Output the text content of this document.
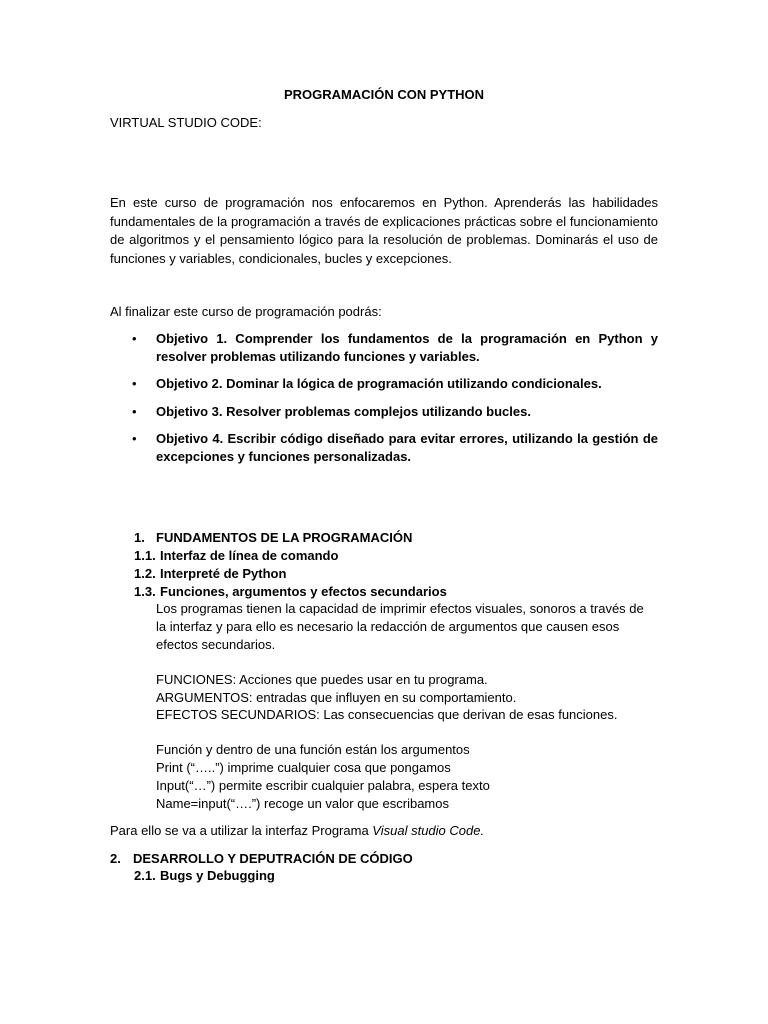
PROGRAMACIÓN CON PYTHON
VIRTUAL STUDIO CODE:
En este curso de programación nos enfocaremos en Python. Aprenderás las habilidades fundamentales de la programación a través de explicaciones prácticas sobre el funcionamiento de algoritmos y el pensamiento lógico para la resolución de problemas. Dominarás el uso de funciones y variables, condicionales, bucles y excepciones.
Al finalizar este curso de programación podrás:
• Objetivo 1. Comprender los fundamentos de la programación en Python y resolver problemas utilizando funciones y variables.
• Objetivo 2. Dominar la lógica de programación utilizando condicionales.
• Objetivo 3. Resolver problemas complejos utilizando bucles.
• Objetivo 4. Escribir código diseñado para evitar errores, utilizando la gestión de excepciones y funciones personalizadas.
1. FUNDAMENTOS DE LA PROGRAMACIÓN
1.1. Interfaz de línea de comando
1.2. Interpreté de Python
1.3. Funciones, argumentos y efectos secundarios
Los programas tienen la capacidad de imprimir efectos visuales, sonoros a través de la interfaz y para ello es necesario la redacción de argumentos que causen esos efectos secundarios.
FUNCIONES: Acciones que puedes usar en tu programa.
ARGUMENTOS: entradas que influyen en su comportamiento.
EFECTOS SECUNDARIOS: Las consecuencias que derivan de esas funciones.
Función y dentro de una función están los argumentos
Print (“…..”) imprime cualquier cosa que pongamos
Input(“…”) permite escribir cualquier palabra, espera texto
Name=input(“….”) recoge un valor que escribamos
Para ello se va a utilizar la interfaz Programa Visual studio Code.
2. DESARROLLO Y DEPUTRACIÓN DE CÓDIGO
2.1. Bugs y Debugging
